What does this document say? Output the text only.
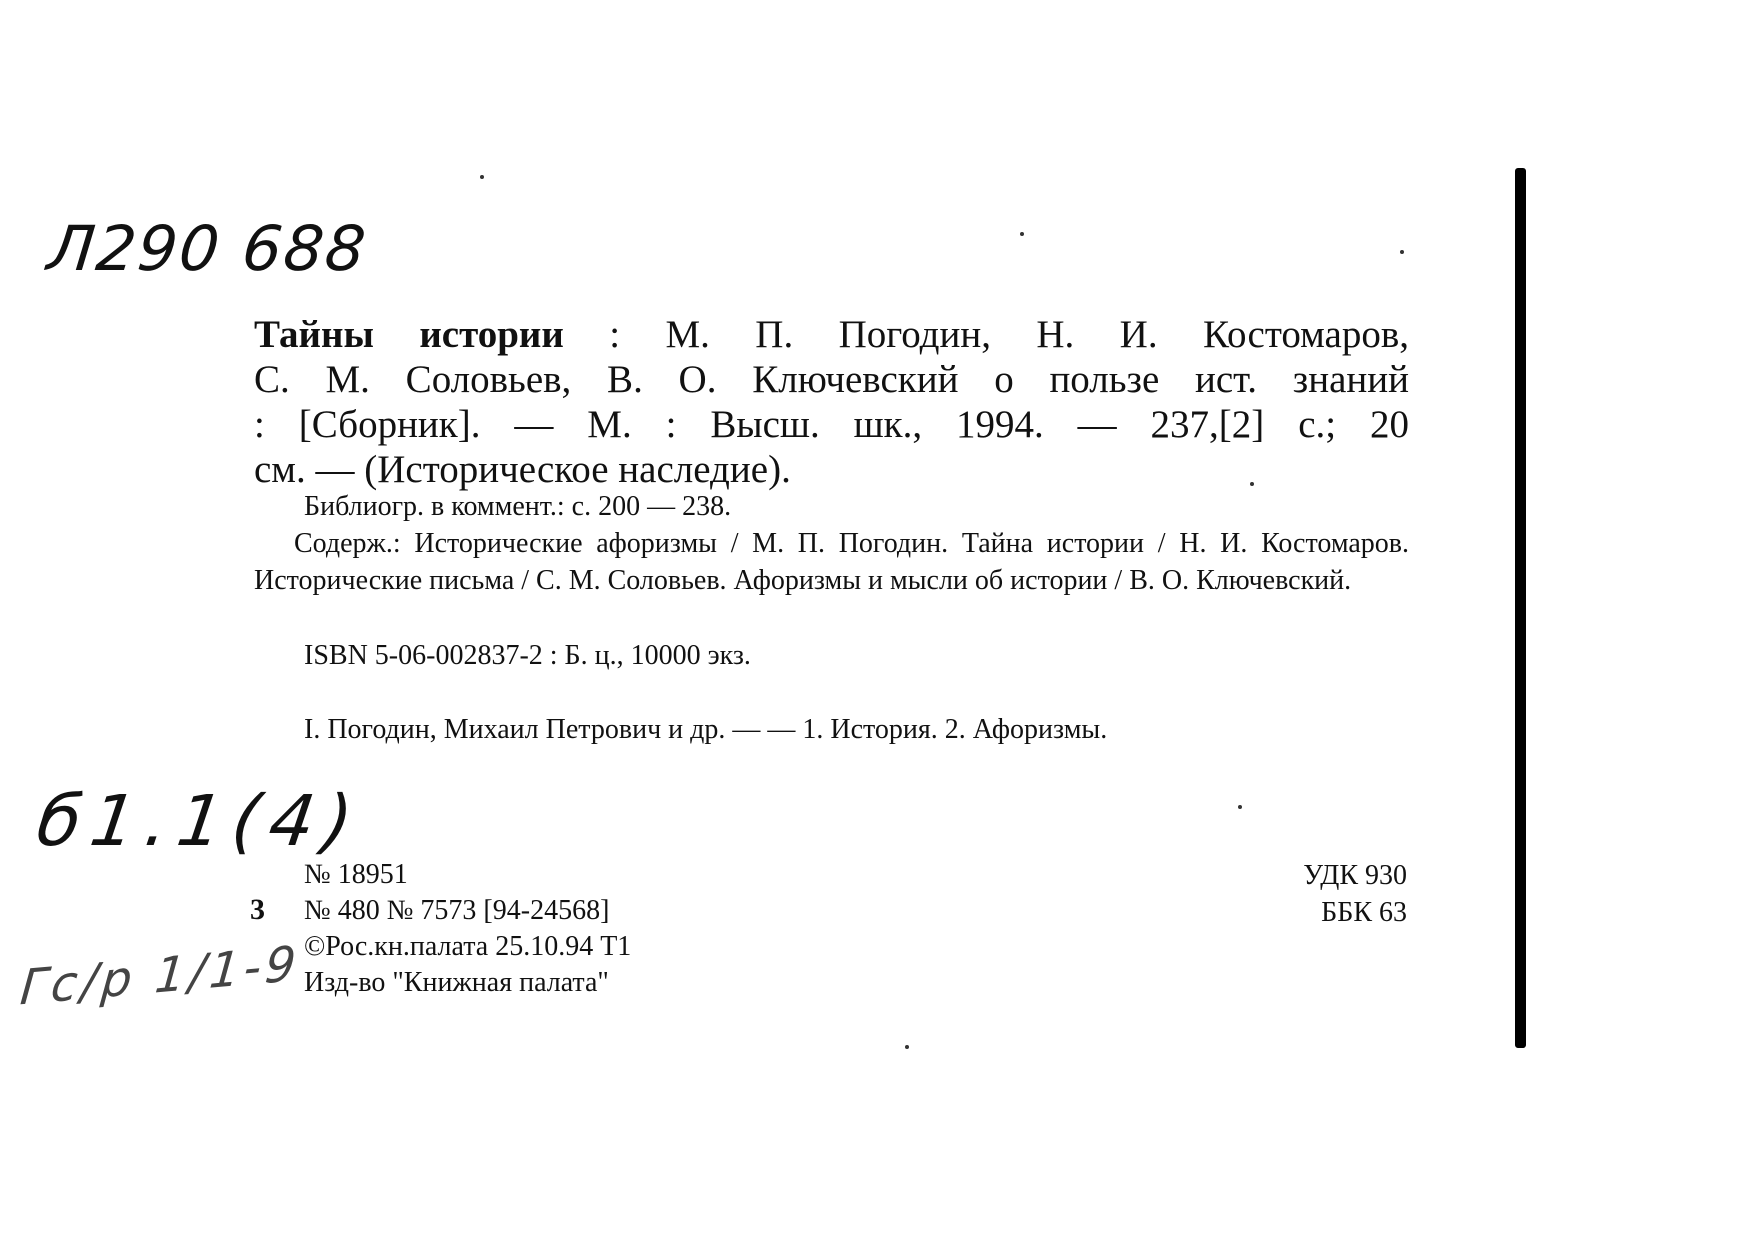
Л290 688
Тайны истории : М. П. Погодин, Н. И. Костомаров,
С. М. Соловьев, В. О. Ключевский о пользе ист. знаний
: [Сборник]. — М. : Высш. шк., 1994. — 237,[2] с.; 20
см. — (Историческое наследие).
Библиогр. в коммент.: с. 200 — 238.
Содерж.: Исторические афоризмы / М. П. Погодин. Тайна истории / Н. И. Костомаров. Исторические письма / С. М. Соловьев. Афоризмы и мысли об истории / В. О. Ключевский.
ISBN 5-06-002837-2 : Б. ц., 10000 экз.
I. Погодин, Михаил Петрович и др. — — 1. История. 2. Афоризмы.
б1.1(4)
3
№ 18951
№ 480 № 7573 [94-24568]
©Рос.кн.палата 25.10.94 Т1
Изд-во "Книжная палата"
УДК 930
ББК 63
Гс/р 1/1-9
